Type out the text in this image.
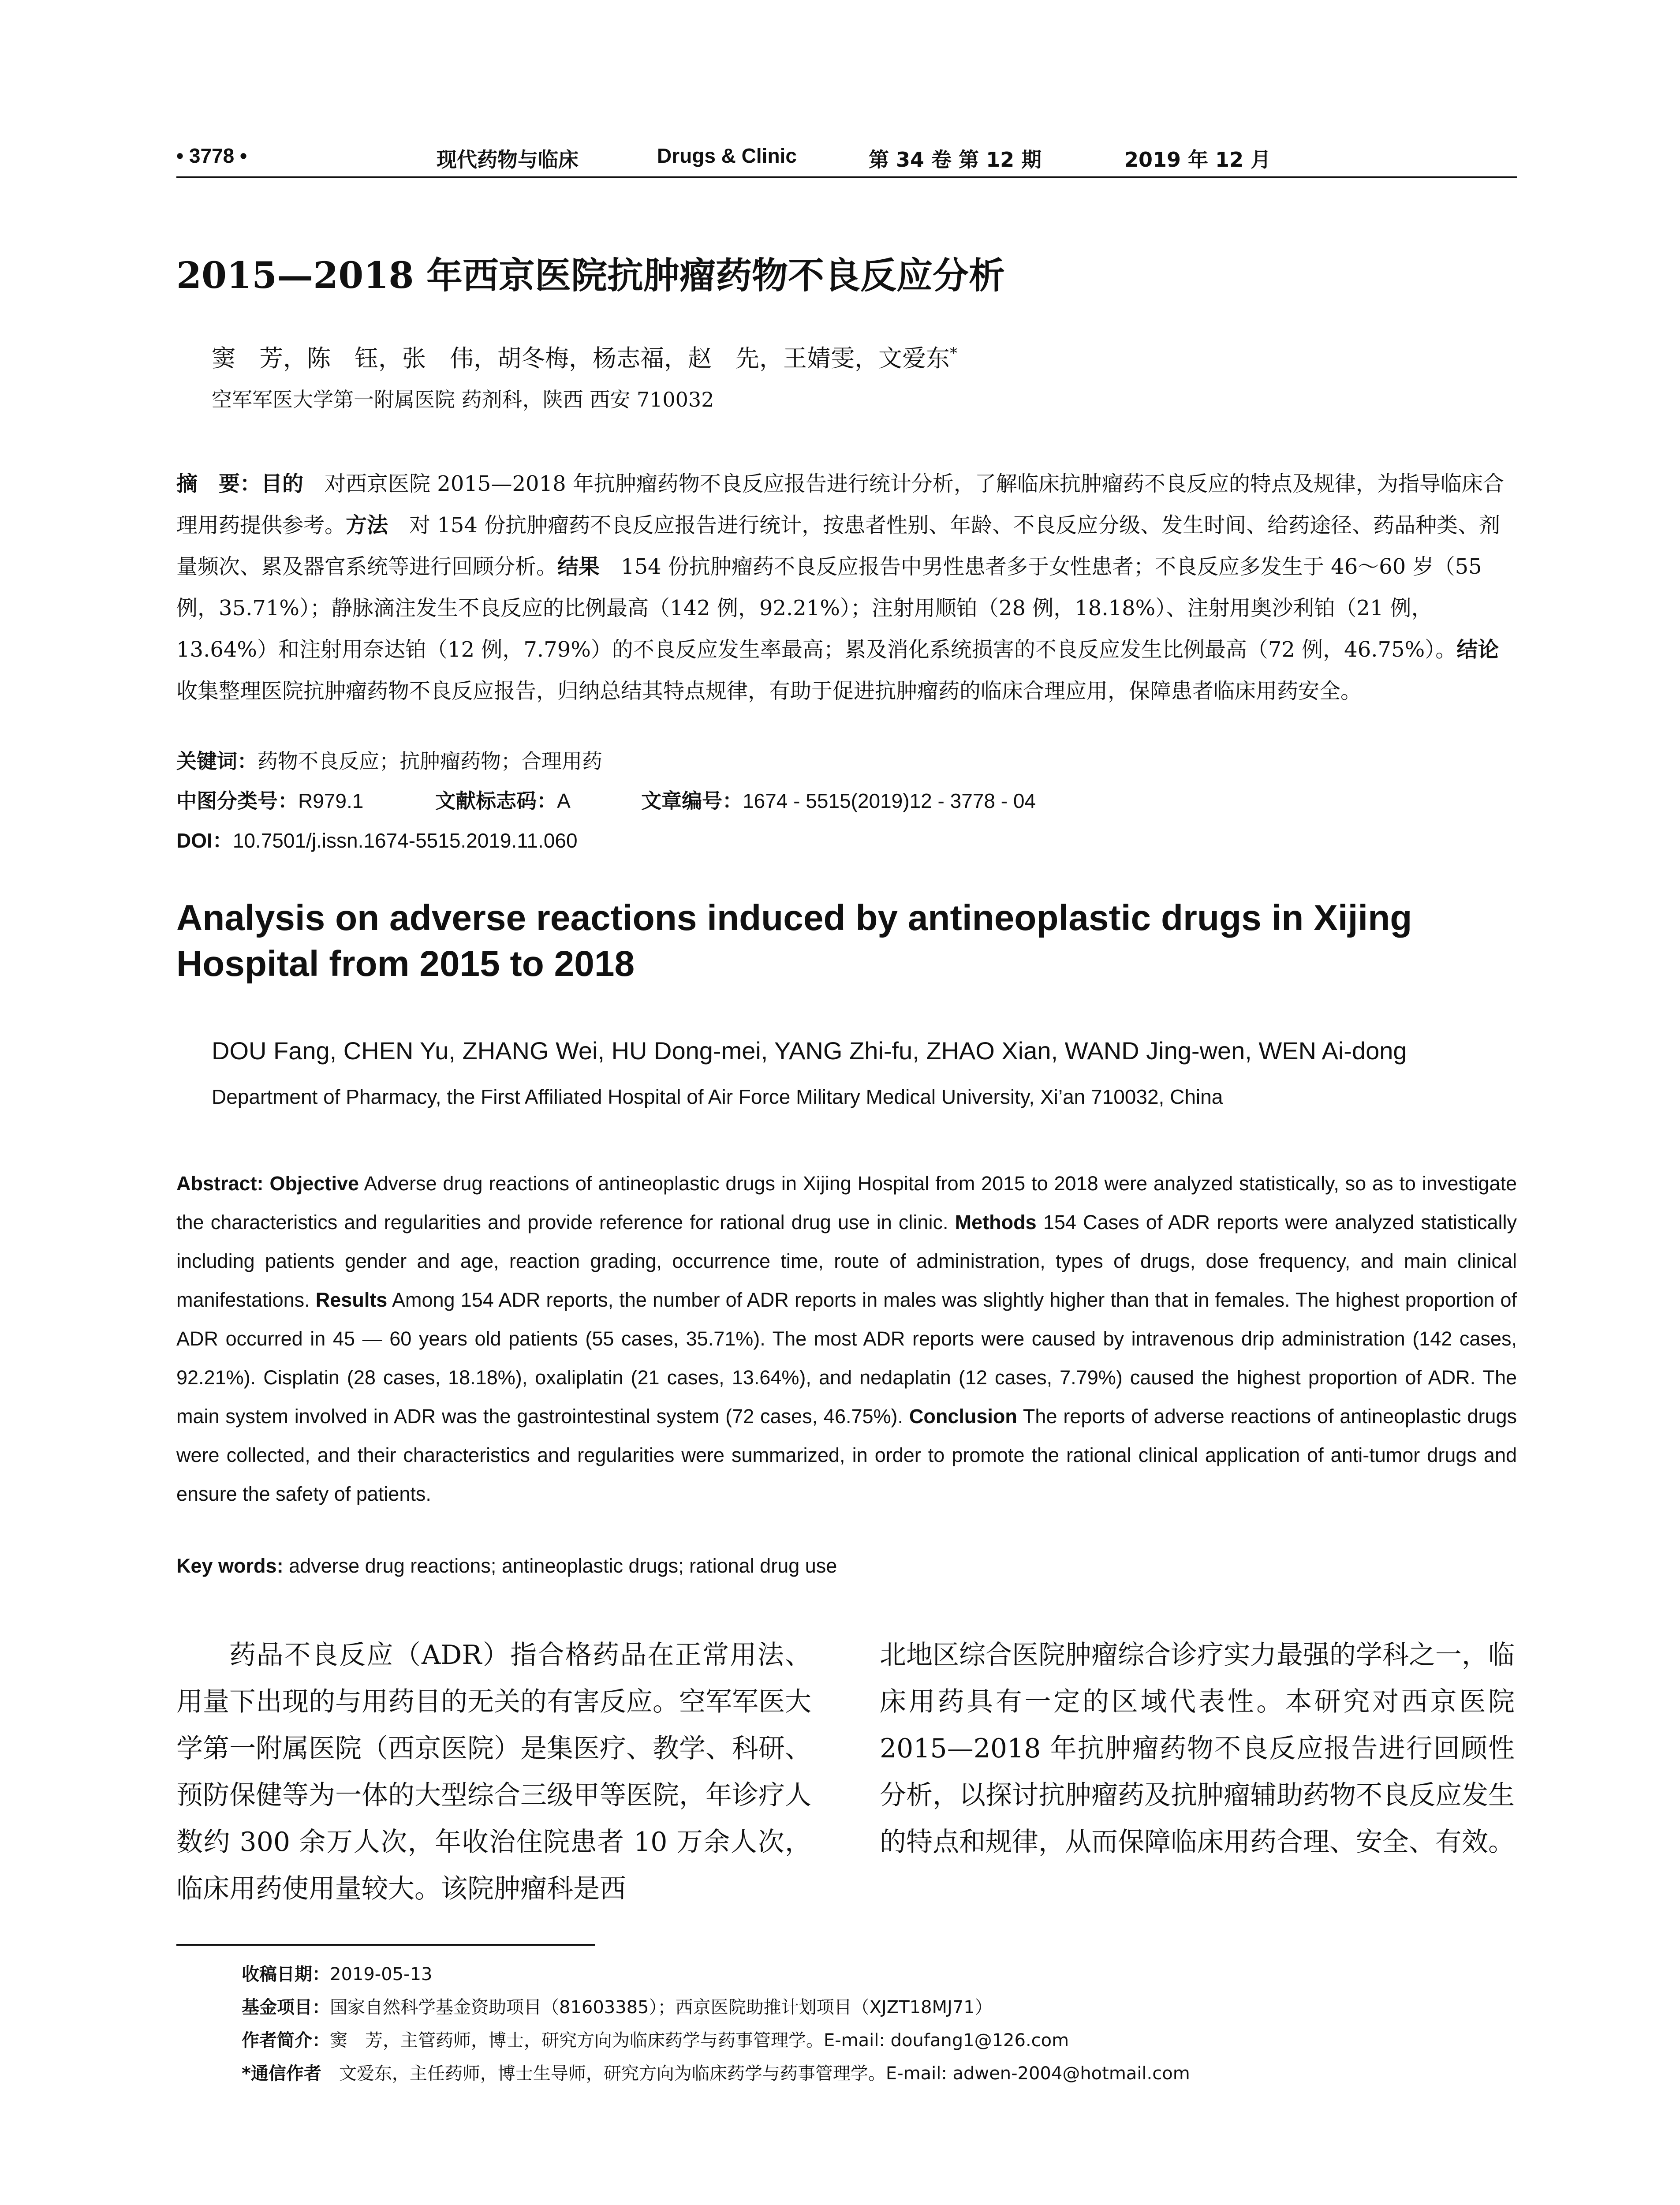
• 3778 •	现代药物与临床	Drugs & Clinic	第 34 卷 第 12 期	2019 年 12 月
2015—2018 年西京医院抗肿瘤药物不良反应分析
窦　芳，陈　钰，张　伟，胡冬梅，杨志福，赵　先，王婧雯，文爱东*
空军军医大学第一附属医院 药剂科，陕西 西安 710032
摘　要：目的　对西京医院 2015—2018 年抗肿瘤药物不良反应报告进行统计分析，了解临床抗肿瘤药不良反应的特点及规律，为指导临床合理用药提供参考。方法　对 154 份抗肿瘤药不良反应报告进行统计，按患者性别、年龄、不良反应分级、发生时间、给药途径、药品种类、剂量频次、累及器官系统等进行回顾分析。结果　154 份抗肿瘤药不良反应报告中男性患者多于女性患者；不良反应多发生于 46～60 岁（55 例，35.71%）；静脉滴注发生不良反应的比例最高（142 例，92.21%）；注射用顺铂（28 例，18.18%）、注射用奥沙利铂（21 例，13.64%）和注射用奈达铂（12 例，7.79%）的不良反应发生率最高；累及消化系统损害的不良反应发生比例最高（72 例，46.75%）。结论　收集整理医院抗肿瘤药物不良反应报告，归纳总结其特点规律，有助于促进抗肿瘤药的临床合理应用，保障患者临床用药安全。
关键词：药物不良反应；抗肿瘤药物；合理用药
中图分类号：R979.1	文献标志码：A	文章编号：1674 - 5515(2019)12 - 3778 - 04
DOI：10.7501/j.issn.1674-5515.2019.11.060
Analysis on adverse reactions induced by antineoplastic drugs in Xijing Hospital from 2015 to 2018
DOU Fang, CHEN Yu, ZHANG Wei, HU Dong-mei, YANG Zhi-fu, ZHAO Xian, WAND Jing-wen, WEN Ai-dong
Department of Pharmacy, the First Affiliated Hospital of Air Force Military Medical University, Xi’an 710032, China
Abstract: Objective Adverse drug reactions of antineoplastic drugs in Xijing Hospital from 2015 to 2018 were analyzed statistically, so as to investigate the characteristics and regularities and provide reference for rational drug use in clinic. Methods 154 Cases of ADR reports were analyzed statistically including patients gender and age, reaction grading, occurrence time, route of administration, types of drugs, dose frequency, and main clinical manifestations. Results Among 154 ADR reports, the number of ADR reports in males was slightly higher than that in females. The highest proportion of ADR occurred in 45 — 60 years old patients (55 cases, 35.71%). The most ADR reports were caused by intravenous drip administration (142 cases, 92.21%). Cisplatin (28 cases, 18.18%), oxaliplatin (21 cases, 13.64%), and nedaplatin (12 cases, 7.79%) caused the highest proportion of ADR. The main system involved in ADR was the gastrointestinal system (72 cases, 46.75%). Conclusion The reports of adverse reactions of antineoplastic drugs were collected, and their characteristics and regularities were summarized, in order to promote the rational clinical application of anti-tumor drugs and ensure the safety of patients.
Key words: adverse drug reactions; antineoplastic drugs; rational drug use
药品不良反应（ADR）指合格药品在正常用法、用量下出现的与用药目的无关的有害反应。空军军医大学第一附属医院（西京医院）是集医疗、教学、科研、预防保健等为一体的大型综合三级甲等医院，年诊疗人数约 300 余万人次，年收治住院患者 10 万余人次，临床用药使用量较大。该院肿瘤科是西
北地区综合医院肿瘤综合诊疗实力最强的学科之一，临床用药具有一定的区域代表性。本研究对西京医院 2015—2018 年抗肿瘤药物不良反应报告进行回顾性分析，以探讨抗肿瘤药及抗肿瘤辅助药物不良反应发生的特点和规律，从而保障临床用药合理、安全、有效。
收稿日期：2019-05-13
基金项目：国家自然科学基金资助项目（81603385）；西京医院助推计划项目（XJZT18MJ71）
作者简介：窦　芳，主管药师，博士，研究方向为临床药学与药事管理学。E-mail: doufang1@126.com
*通信作者　文爱东，主任药师，博士生导师，研究方向为临床药学与药事管理学。E-mail: adwen-2004@hotmail.com
